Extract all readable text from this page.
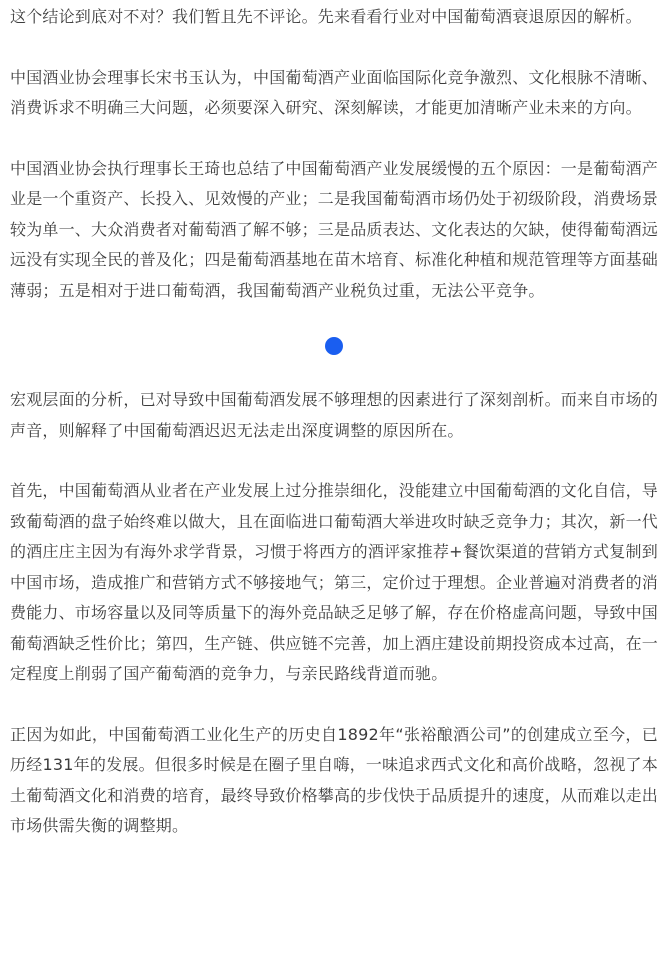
这个结论到底对不对？我们暂且先不评论。先来看看行业对中国葡萄酒衰退原因的解析。

中国酒业协会理事长宋书玉认为，中国葡萄酒产业面临国际化竞争激烈、文化根脉不清晰、消费诉求不明确三大问题，必须要深入研究、深刻解读，才能更加清晰产业未来的方向。

中国酒业协会执行理事长王琦也总结了中国葡萄酒产业发展缓慢的五个原因：一是葡萄酒产业是一个重资产、长投入、见效慢的产业；二是我国葡萄酒市场仍处于初级阶段，消费场景较为单一、大众消费者对葡萄酒了解不够；三是品质表达、文化表达的欠缺，使得葡萄酒远远没有实现全民的普及化；四是葡萄酒基地在苗木培育、标准化种植和规范管理等方面基础薄弱；五是相对于进口葡萄酒，我国葡萄酒产业税负过重，无法公平竞争。

宏观层面的分析，已对导致中国葡萄酒发展不够理想的因素进行了深刻剖析。而来自市场的声音，则解释了中国葡萄酒迟迟无法走出深度调整的原因所在。

首先，中国葡萄酒从业者在产业发展上过分推崇细化，没能建立中国葡萄酒的文化自信，导致葡萄酒的盘子始终难以做大，且在面临进口葡萄酒大举进攻时缺乏竞争力；其次，新一代的酒庄庄主因为有海外求学背景，习惯于将西方的酒评家推荐+餐饮渠道的营销方式复制到中国市场，造成推广和营销方式不够接地气；第三，定价过于理想。企业普遍对消费者的消费能力、市场容量以及同等质量下的海外竞品缺乏足够了解，存在价格虚高问题，导致中国葡萄酒缺乏性价比；第四，生产链、供应链不完善，加上酒庄建设前期投资成本过高，在一定程度上削弱了国产葡萄酒的竞争力，与亲民路线背道而驰。

正因为如此，中国葡萄酒工业化生产的历史自1892年“张裕酿酒公司”的创建成立至今，已历经131年的发展。但很多时候是在圈子里自嗨，一味追求西式文化和高价战略，忽视了本土葡萄酒文化和消费的培育，最终导致价格攀高的步伐快于品质提升的速度，从而难以走出市场供需失衡的调整期。
